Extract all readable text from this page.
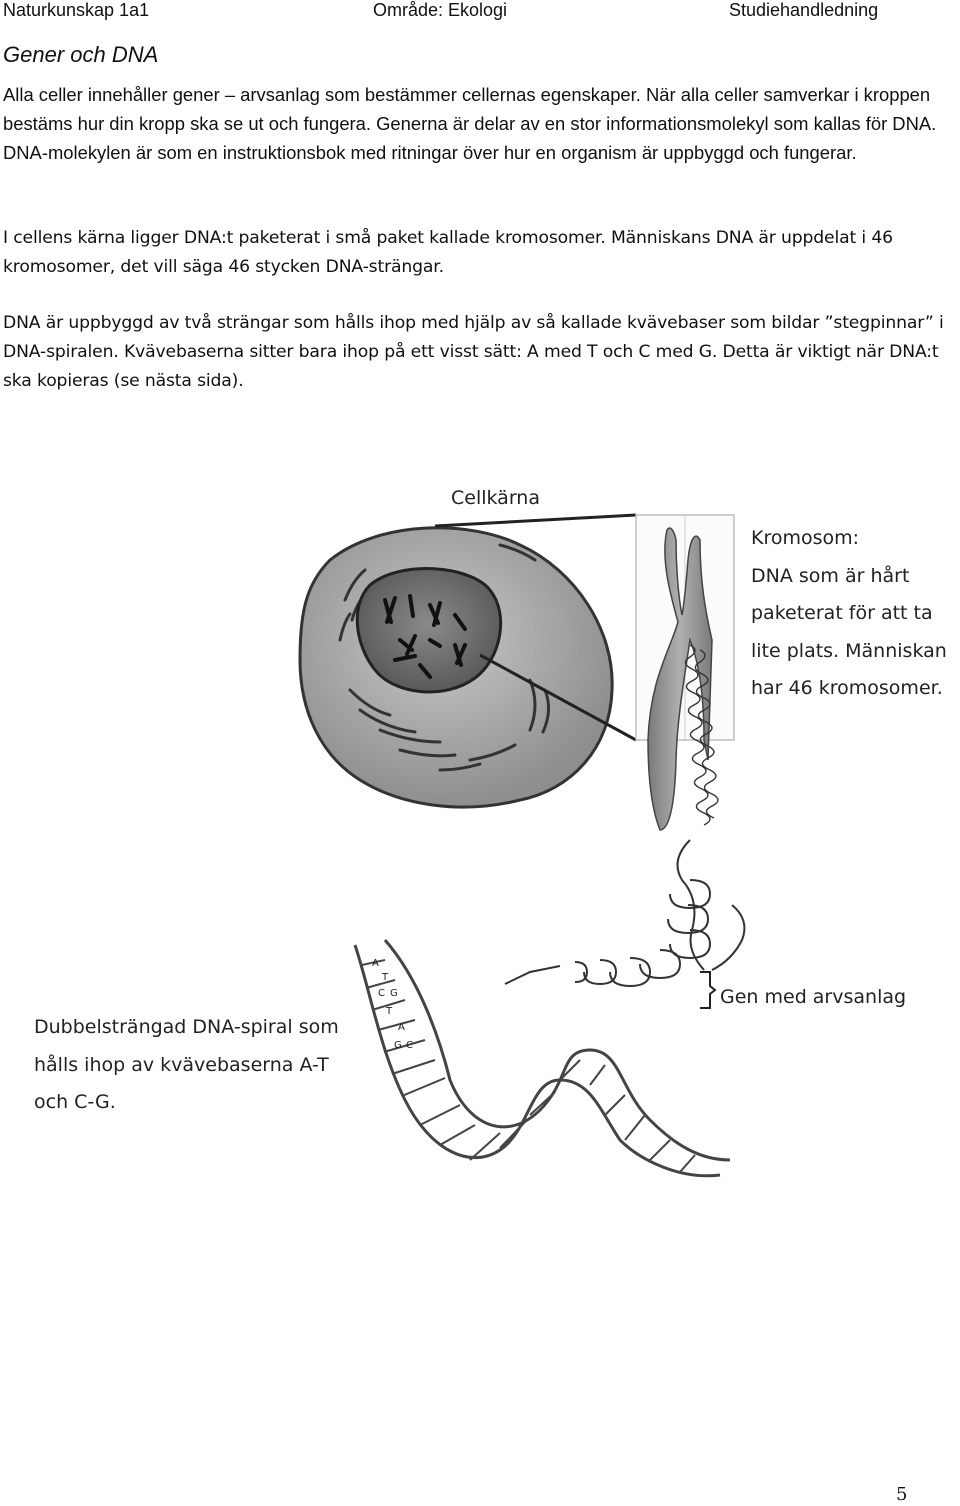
Naturkunskap 1a1	Område: Ekologi	Studiehandledning
Gener och DNA

Alla celler innehåller gener – arvsanlag som bestämmer cellernas egenskaper. När alla celler samverkar i kroppen bestäms hur din kropp ska se ut och fungera. Generna är delar av en stor informationsmolekyl som kallas för DNA. DNA-molekylen är som en instruktionsbok med ritningar över hur en organism är uppbyggd och fungerar.

I cellens kärna ligger DNA:t paketerat i små paket kallade kromosomer. Människans DNA är uppdelat i 46 kromosomer, det vill säga 46 stycken DNA-strängar.

DNA är uppbyggd av två strängar som hålls ihop med hjälp av så kallade kvävebaser som bildar ”stegpinnar” i DNA-spiralen. Kvävebaserna sitter bara ihop på ett visst sätt: A med T och C med G. Detta är viktigt när DNA:t ska kopieras (se nästa sida).

A
T
C G
T
A
G C
Cellkärna
Kromosom:
DNA som är hårt
paketerat för att ta
lite plats. Människan
har 46 kromosomer.
Gen med arvsanlag
Dubbelsträngad DNA-spiral som
hålls ihop av kvävebaserna A-T
och C-G.
5
